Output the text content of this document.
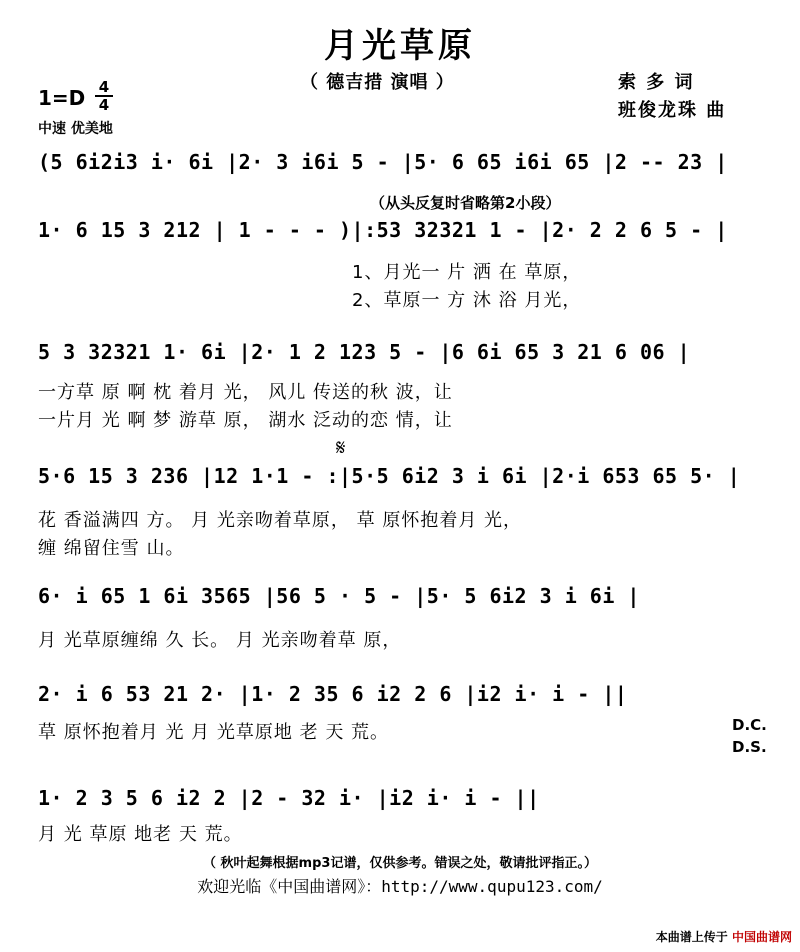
月光草原
（ 德吉措 演唱 ）	索 多 词
班俊龙珠 曲
1=D 4
4
中速 优美地
(5 6i2i3 i· 6i |2· 3 i6i 5 - |5· 6 65 i6i 65 |2 -- 23 |
（从头反复时省略第2小段）
1· 6 15 3 212 | 1 - - - )|:53 32321 1 - |2· 2 2 6 5 - |
1、月光一 片 洒 在 草原，
2、草原一 方 沐 浴 月光，
5 3 32321 1· 6i |2· 1 2 123 5 - |6 6i 65 3 21 6 06 |
一方草 原 啊 枕 着月 光， 风儿 传送的秋 波，让
一片月 光 啊 梦 游草 原， 湖水 泛动的恋 情，让
𝄋
5·6 15 3 236 |12 1·1 - :|5·5 6i2 3 i 6i |2·i 653 65 5· |
花 香溢满四 方。 月 光亲吻着草原， 草 原怀抱着月 光，
缠 绵留住雪 山。
6· i 65 1 6i 3565 |56 5 · 5 - |5· 5 6i2 3 i 6i |
月 光草原缠绵 久 长。 月 光亲吻着草 原，
2· i 6 53 21 2· |1· 2 35 6 i2 2 6 |i2 i· i - ||
草 原怀抱着月 光 月 光草原地 老 天 荒。	D.C.
D.S.
1· 2 3 5 6 i2 2 |2 - 32 i· |i2 i· i - ||
月 光 草原 地老 天 荒。
（ 秋叶起舞根据mp3记谱，仅供参考。错误之处，敬请批评指正。）
欢迎光临《中国曲谱网》：http://www.qupu123.com/
本曲谱上传于 中国曲谱网
